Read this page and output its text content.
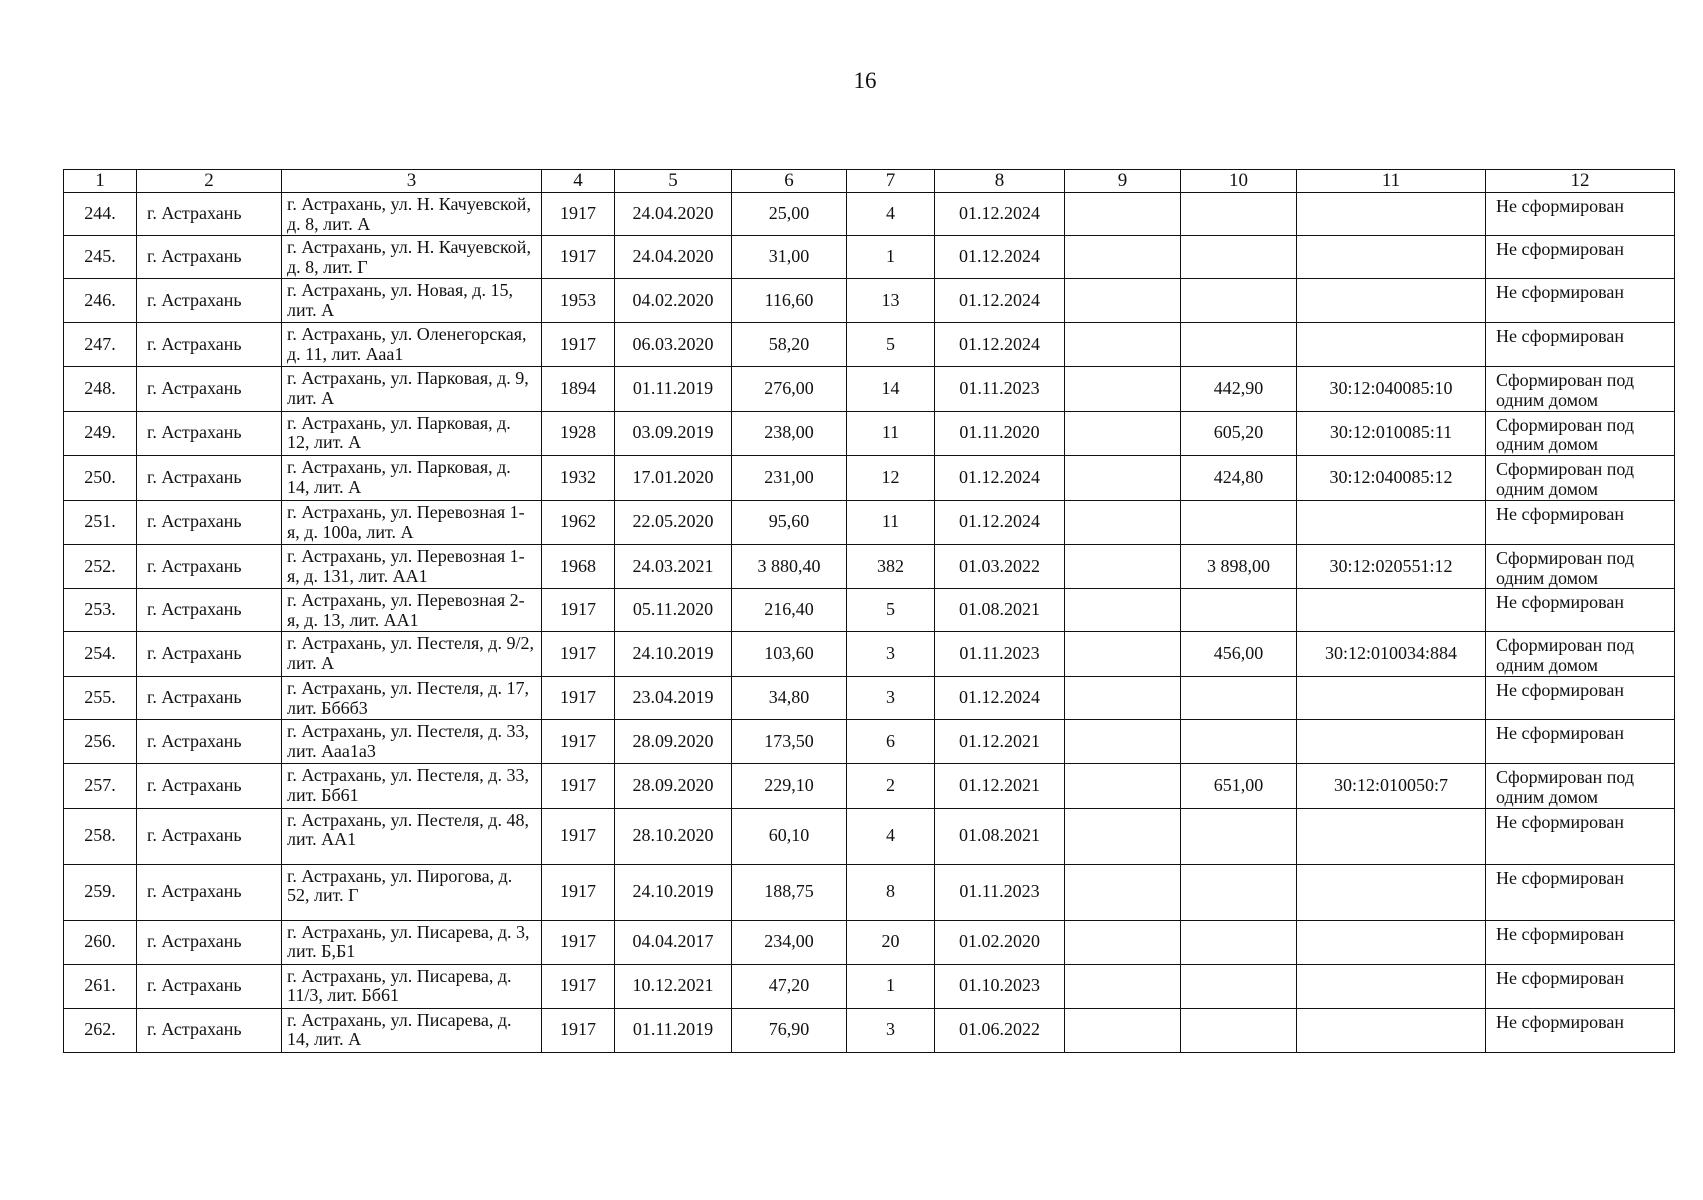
16
1	2	3	4	5	6	7	8	9	10	11	12
244.	г. Астрахань	г. Астрахань, ул. Н. Качуевской, д. 8, лит. А	1917	24.04.2020	25,00	4	01.12.2024				Не сформирован
245.	г. Астрахань	г. Астрахань, ул. Н. Качуевской, д. 8, лит. Г	1917	24.04.2020	31,00	1	01.12.2024				Не сформирован
246.	г. Астрахань	г. Астрахань, ул. Новая, д. 15, лит. А	1953	04.02.2020	116,60	13	01.12.2024				Не сформирован
247.	г. Астрахань	г. Астрахань, ул. Оленегорская, д. 11, лит. Ааа1	1917	06.03.2020	58,20	5	01.12.2024				Не сформирован
248.	г. Астрахань	г. Астрахань, ул. Парковая, д. 9, лит. А	1894	01.11.2019	276,00	14	01.11.2023		442,90	30:12:040085:10	Сформирован под одним домом
249.	г. Астрахань	г. Астрахань, ул. Парковая, д. 12, лит. А	1928	03.09.2019	238,00	11	01.11.2020		605,20	30:12:010085:11	Сформирован под одним домом
250.	г. Астрахань	г. Астрахань, ул. Парковая, д. 14, лит. А	1932	17.01.2020	231,00	12	01.12.2024		424,80	30:12:040085:12	Сформирован под одним домом
251.	г. Астрахань	г. Астрахань, ул. Перевозная 1-я, д. 100а, лит. А	1962	22.05.2020	95,60	11	01.12.2024				Не сформирован
252.	г. Астрахань	г. Астрахань, ул. Перевозная 1-я, д. 131, лит. АА1	1968	24.03.2021	3 880,40	382	01.03.2022		3 898,00	30:12:020551:12	Сформирован под одним домом
253.	г. Астрахань	г. Астрахань, ул. Перевозная 2-я, д. 13, лит. АА1	1917	05.11.2020	216,40	5	01.08.2021				Не сформирован
254.	г. Астрахань	г. Астрахань, ул. Пестеля, д. 9/2, лит. А	1917	24.10.2019	103,60	3	01.11.2023		456,00	30:12:010034:884	Сформирован под одним домом
255.	г. Астрахань	г. Астрахань, ул. Пестеля, д. 17, лит. Бб6б3	1917	23.04.2019	34,80	3	01.12.2024				Не сформирован
256.	г. Астрахань	г. Астрахань, ул. Пестеля, д. 33, лит. Ааа1а3	1917	28.09.2020	173,50	6	01.12.2021				Не сформирован
257.	г. Астрахань	г. Астрахань, ул. Пестеля, д. 33, лит. Бб61	1917	28.09.2020	229,10	2	01.12.2021		651,00	30:12:010050:7	Сформирован под одним домом
258.	г. Астрахань	г. Астрахань, ул. Пестеля, д. 48, лит. АА1	1917	28.10.2020	60,10	4	01.08.2021				Не сформирован
259.	г. Астрахань	г. Астрахань, ул. Пирогова, д. 52, лит. Г	1917	24.10.2019	188,75	8	01.11.2023				Не сформирован
260.	г. Астрахань	г. Астрахань, ул. Писарева, д. 3, лит. Б,Б1	1917	04.04.2017	234,00	20	01.02.2020				Не сформирован
261.	г. Астрахань	г. Астрахань, ул. Писарева, д. 11/3, лит. Бб61	1917	10.12.2021	47,20	1	01.10.2023				Не сформирован
262.	г. Астрахань	г. Астрахань, ул. Писарева, д. 14, лит. А	1917	01.11.2019	76,90	3	01.06.2022				Не сформирован
